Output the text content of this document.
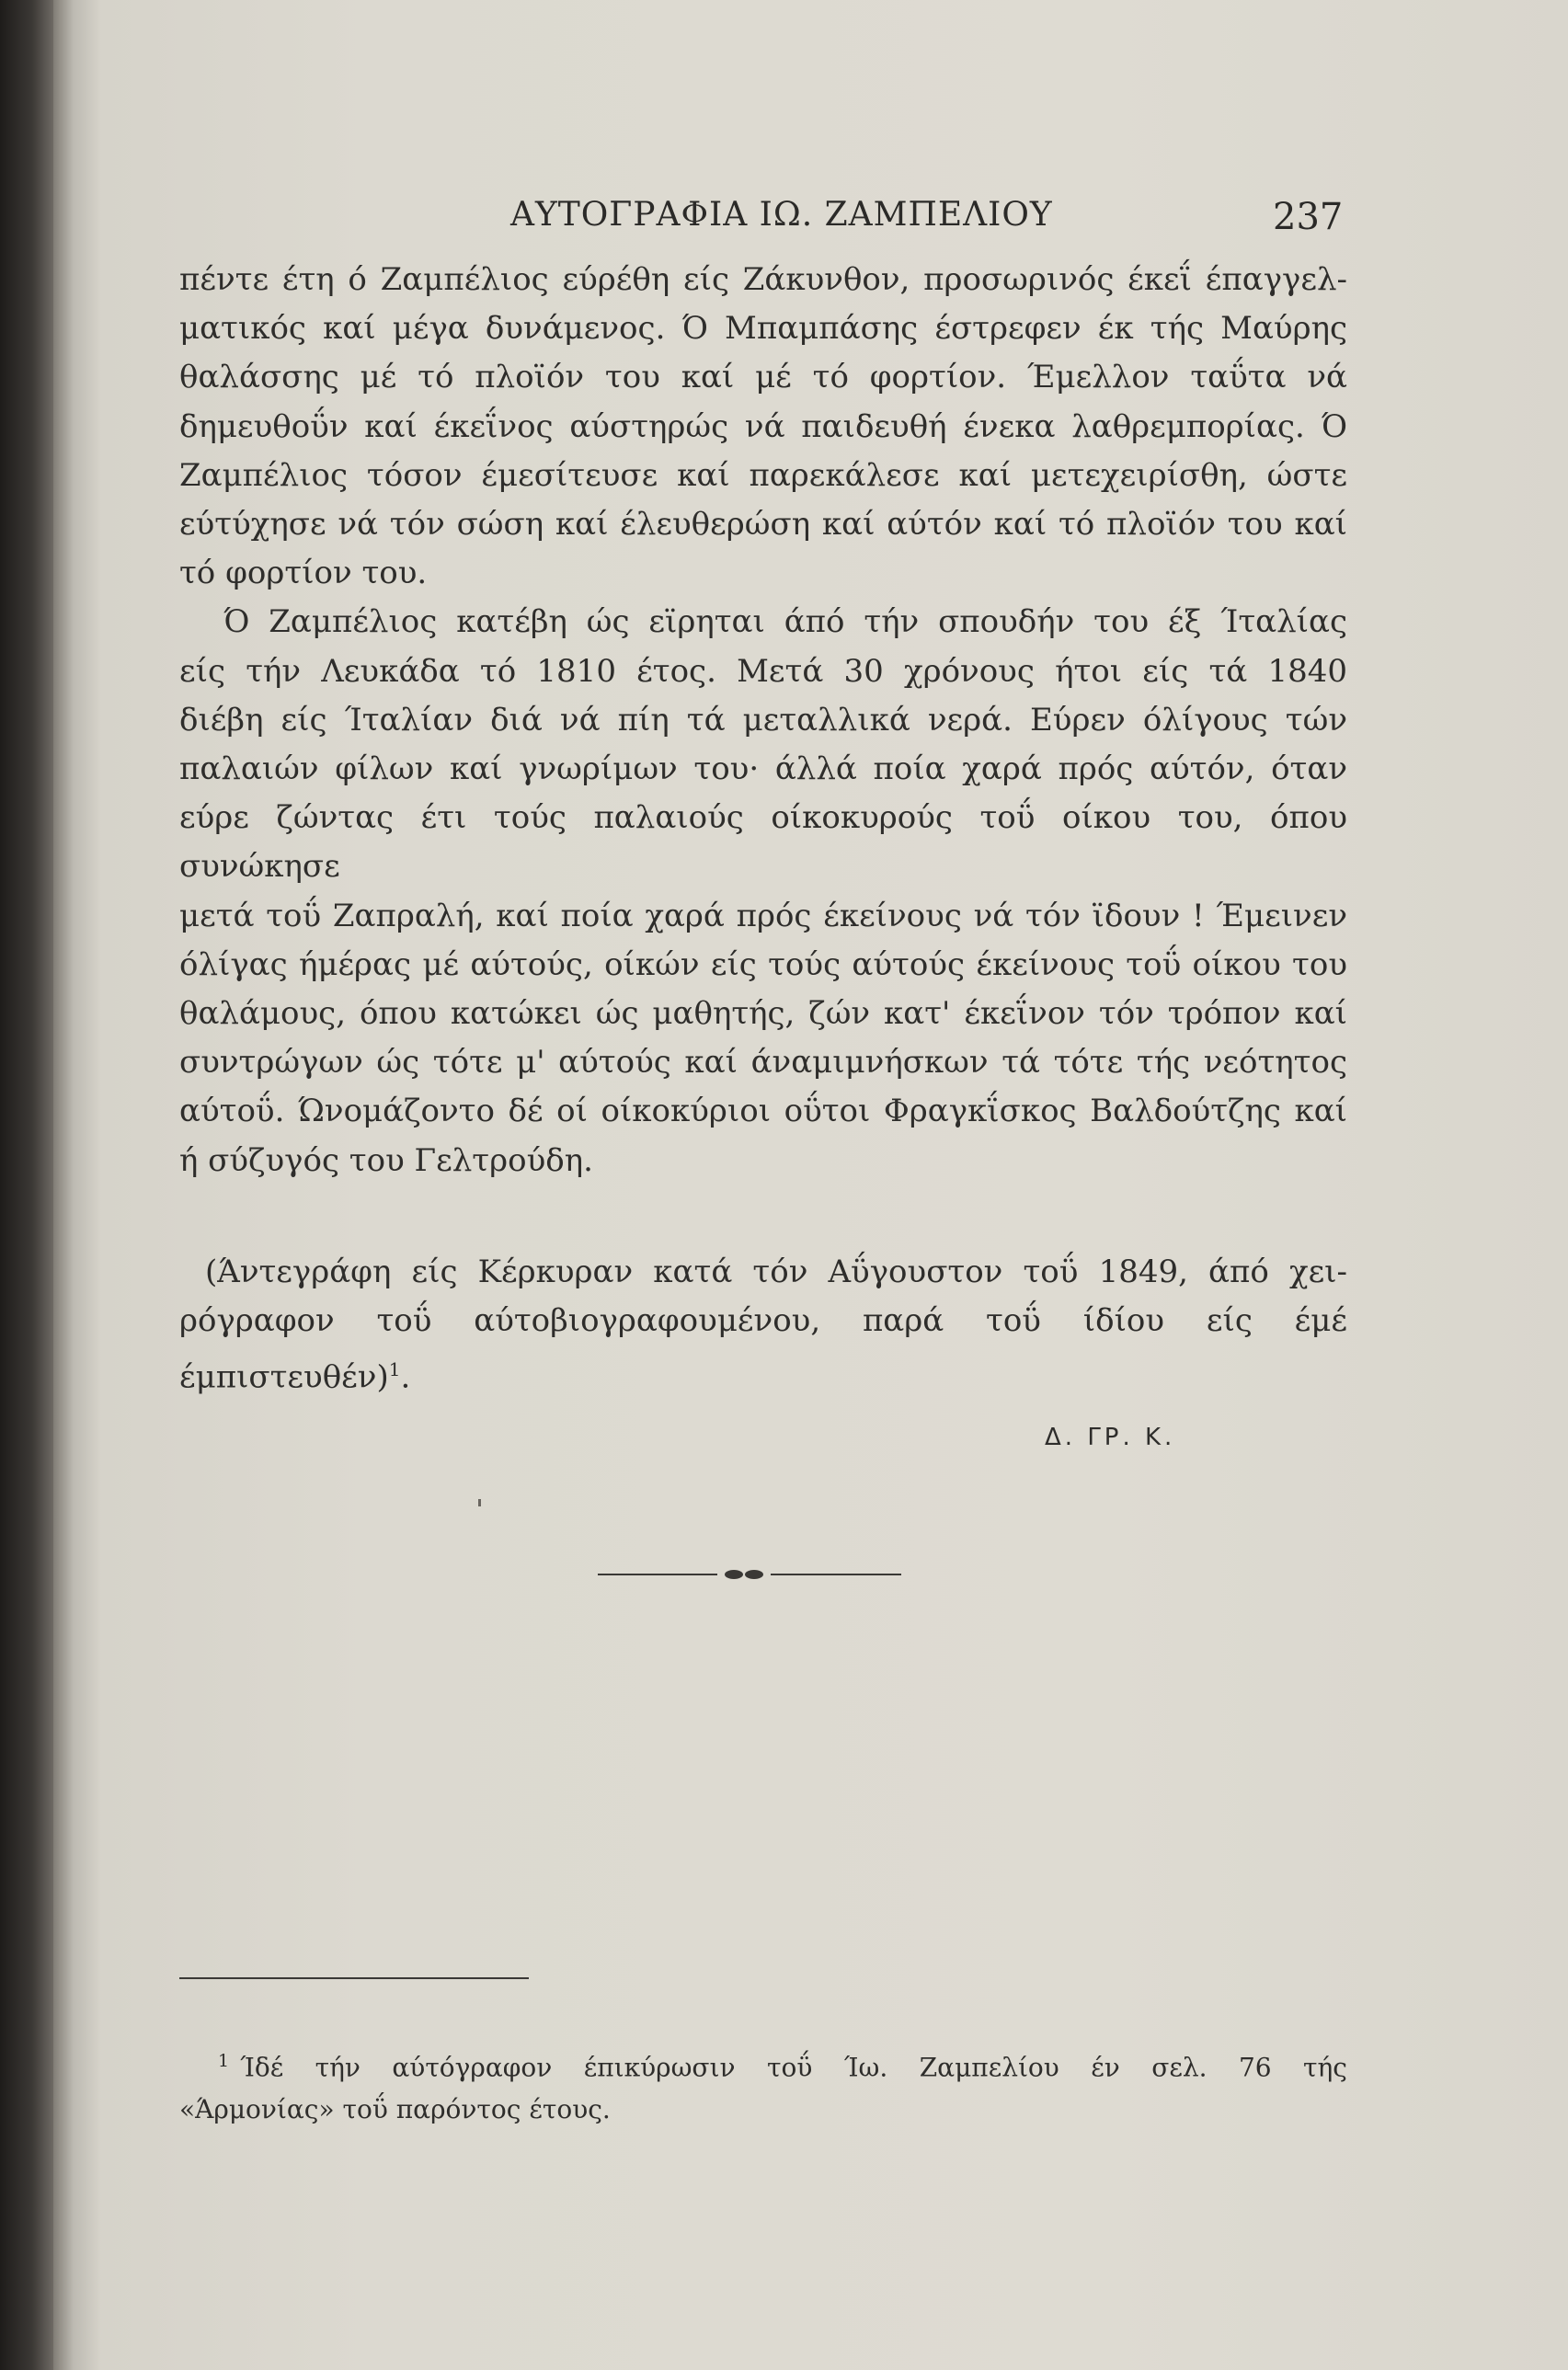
ΑΥΤΟΓΡΑΦΙΑ ΙΩ. ΖΑΜΠΕΛΙΟΥ	237

πέντε έτη ό Ζαμπέλιος εύρέθη είς Ζάκυνθον, προσωρινός έκεΐ έπαγγελ-

ματικός καί μέγα δυνάμενος. Ό Μπαμπάσης έστρεφεν έκ τής Μαύρης

θαλάσσης μέ τό πλοϊόν του καί μέ τό φορτίον. Έμελλον ταΰτα νά

δημευθοΰν καί έκεΐνος αύστηρώς νά παιδευθή ένεκα λαθρεμπορίας. Ό

Ζαμπέλιος τόσον έμεσίτευσε καί παρεκάλεσε καί μετεχειρίσθη, ώστε

εύτύχησε νά τόν σώση καί έλευθερώση καί αύτόν καί τό πλοϊόν του καί

τό φορτίον του.

Ό Ζαμπέλιος κατέβη ώς εϊρηται άπό τήν σπουδήν του έξ Ίταλίας

είς τήν Λευκάδα τό 1810 έτος. Μετά 30 χρόνους ήτοι είς τά 1840

διέβη είς Ίταλίαν διά νά πίη τά μεταλλικά νερά. Εύρεν όλίγους τών

παλαιών φίλων καί γνωρίμων του· άλλά ποία χαρά πρός αύτόν, όταν

εύρε ζώντας έτι τούς παλαιούς οίκοκυρούς τοΰ οίκου του, όπου συνώκησε

μετά τοΰ Ζαπραλή, καί ποία χαρά πρός έκείνους νά τόν ϊδουν ! Έμεινεν

όλίγας ήμέρας μέ αύτούς, οίκών είς τούς αύτούς έκείνους τοΰ οίκου του

θαλάμους, όπου κατώκει ώς μαθητής, ζών κατ' έκεΐνον τόν τρόπον καί

συντρώγων ώς τότε μ' αύτούς καί άναμιμνήσκων τά τότε τής νεότητος

αύτοΰ. Ώνομάζοντο δέ οί οίκοκύριοι οΰτοι Φραγκΐσκος Βαλδούτζης καί

ή σύζυγός του Γελτρούδη.

(Άντεγράφη είς Κέρκυραν κατά τόν Αΰγουστον τοΰ 1849, άπό χει-

ρόγραφον τοΰ αύτοβιογραφουμένου, παρά τοΰ ίδίου είς έμέ έμπιστευθέν)$^1$.

Δ. ΓΡ. Κ.

$^1$ Ίδέ τήν αύτόγραφον έπικύρωσιν τοΰ Ίω. Ζαμπελίου έν σελ. 76 τής

«Άρμονίας» τοΰ παρόντος έτους.
